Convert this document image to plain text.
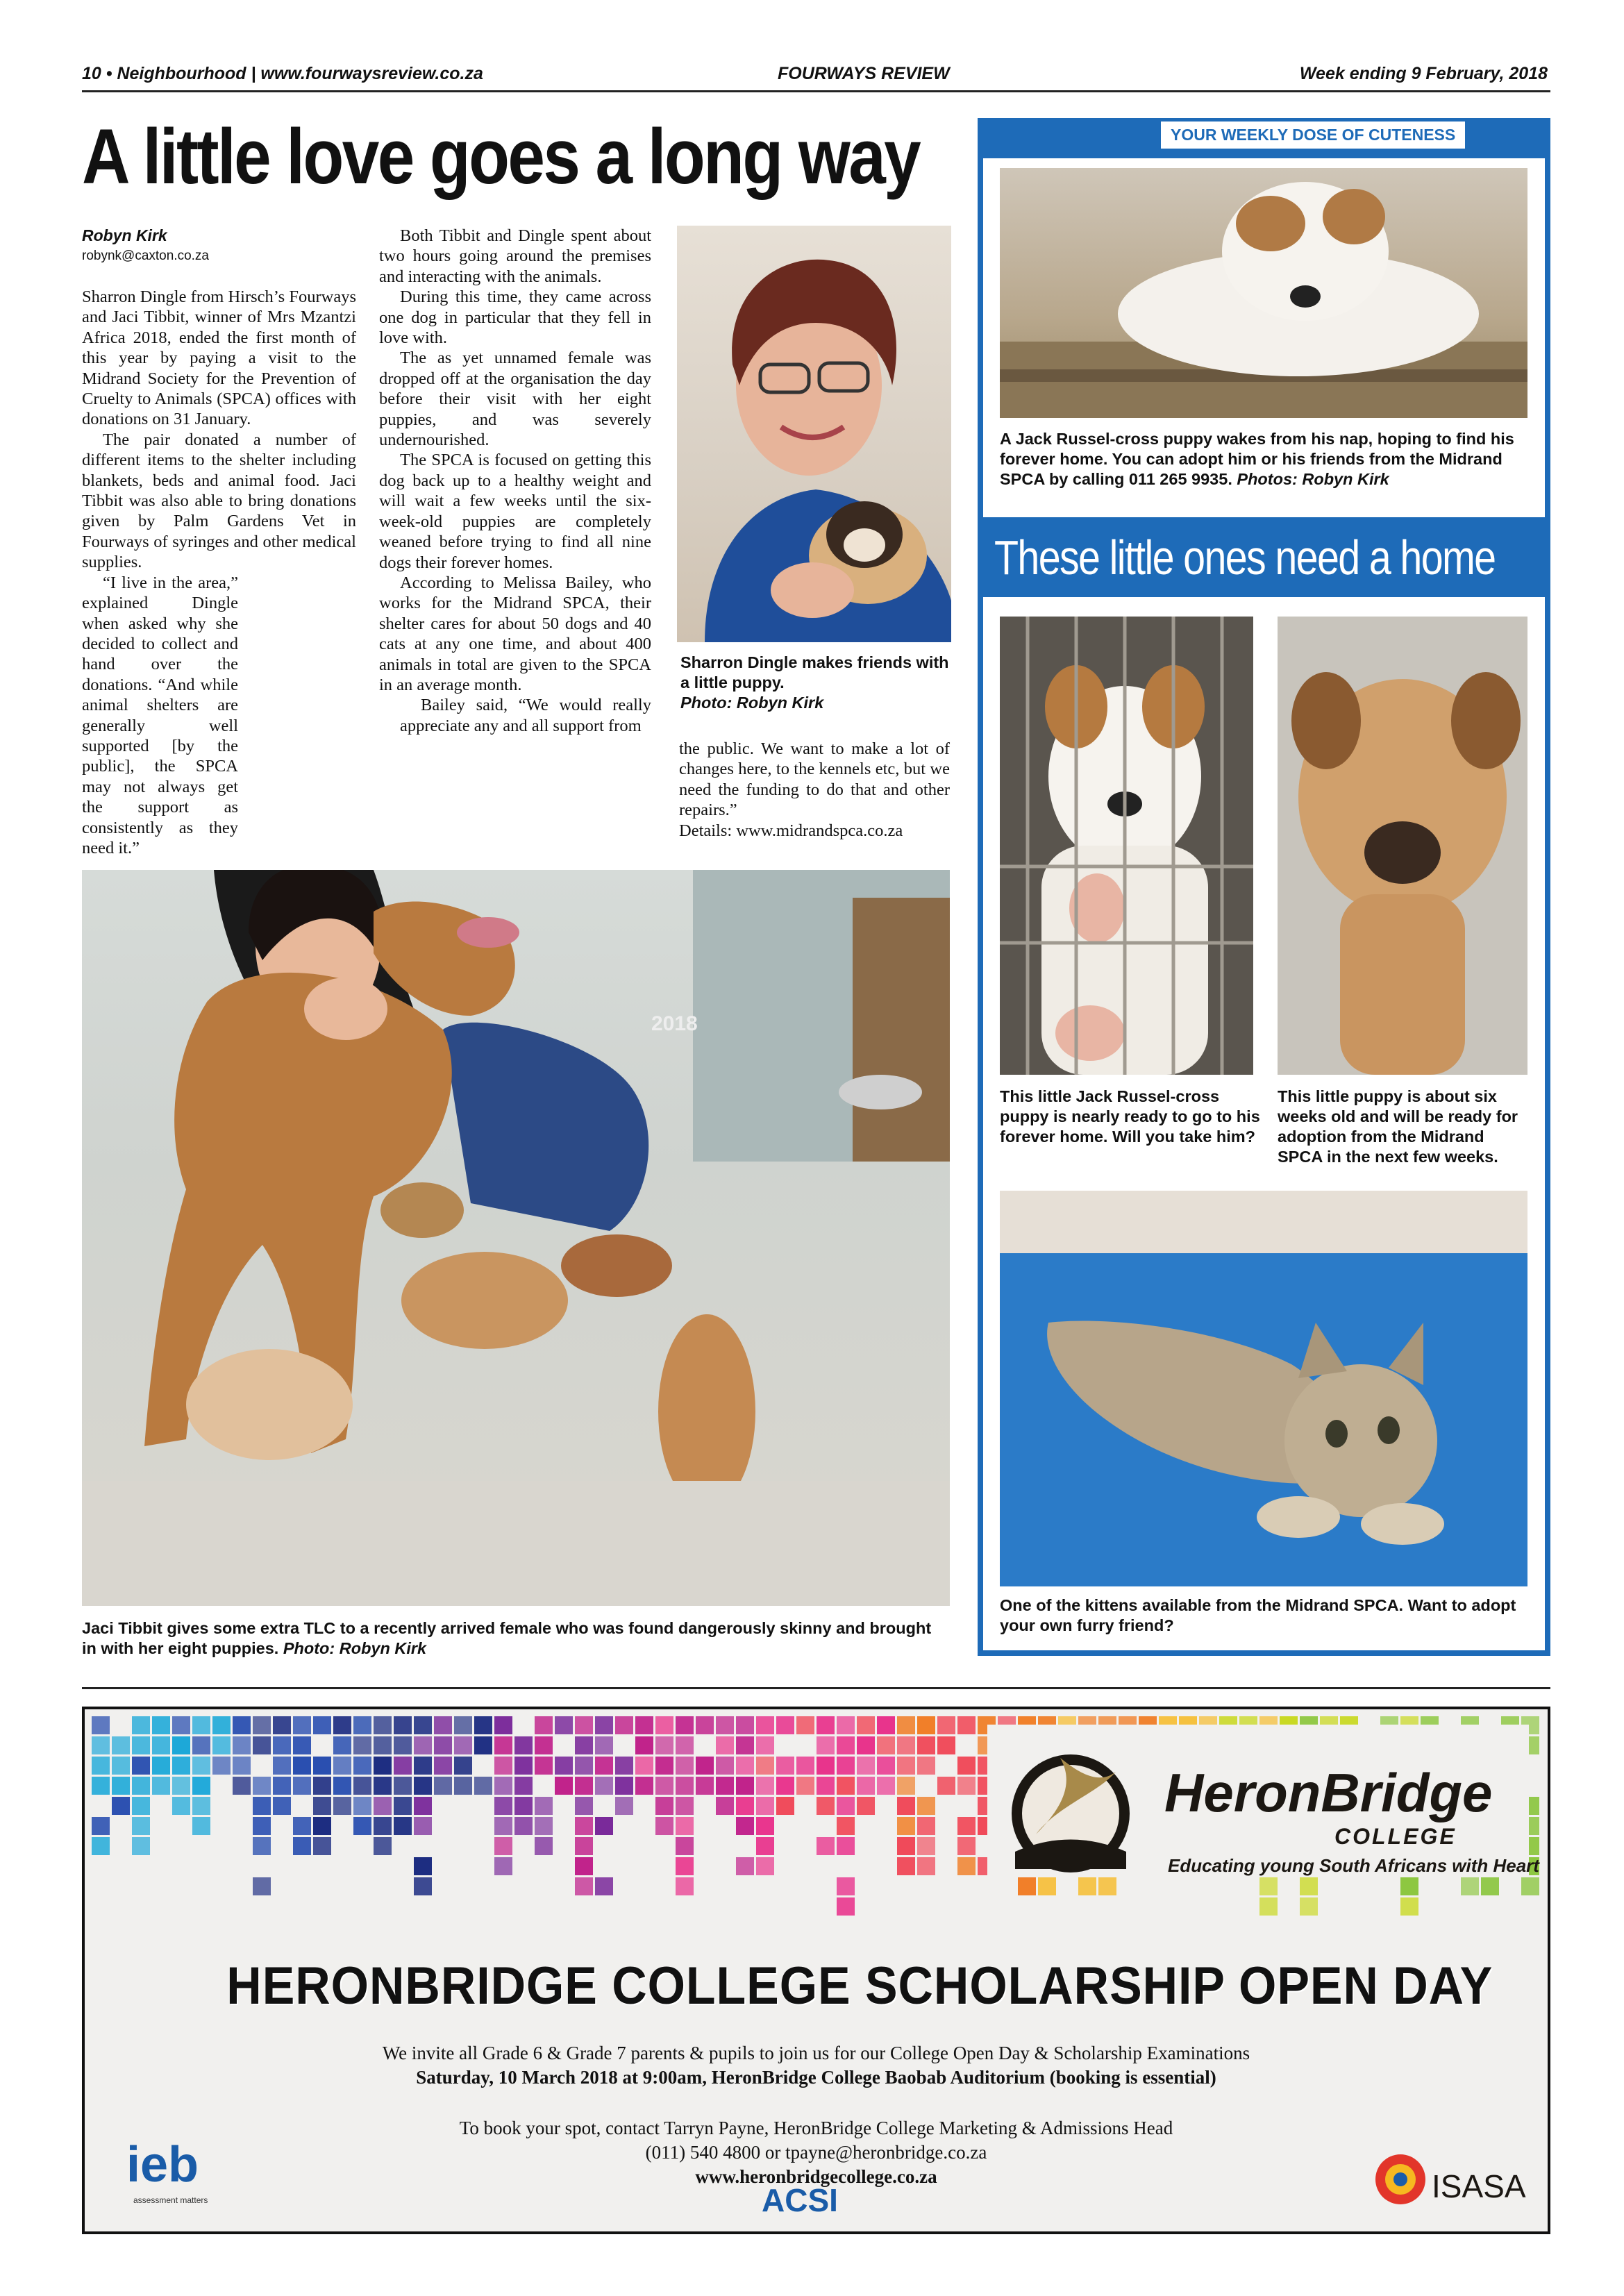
10 • Neighbourhood | www.fourwaysreview.co.za	FOURWAYS REVIEW	Week ending 9 February, 2018
A little love goes a long way
Robyn Kirk
robynk@caxton.co.za

Sharron Dingle from Hirsch’s Fourways and Jaci Tibbit, winner of Mrs Mzantzi Africa 2018, ended the first month of this year by paying a visit to the Midrand Society for the Prevention of Cruelty to Animals (SPCA) offices with donations on 31 January.

The pair donated a number of different items to the shelter including blankets, beds and animal food. Jaci Tibbit was also able to bring donations given by Palm Gardens Vet in Fourways of syringes and other medical supplies.

“I live in the area,” explained Dingle when asked why she decided to collect and hand over the donations. “And while animal shelters are generally well supported [by the public], the SPCA may not always get the support as consistently as they need it.”

Both Tibbit and Dingle spent about two hours going around the premises and interacting with the animals.

During this time, they came across one dog in particular that they fell in love with.

The as yet unnamed female was dropped off at the organisation the day before their visit with her eight puppies, and was severely undernourished.

The SPCA is focused on getting this dog back up to a healthy weight and will wait a few weeks until the six-week-old puppies are completely weaned before trying to find all nine dogs their forever homes.

According to Melissa Bailey, who works for the Midrand SPCA, their shelter cares for about 50 dogs and 40 cats at any one time, and about 400 animals in total are given to the SPCA in an average month.

Bailey said, “We would really appreciate any and all support from

Sharron Dingle makes friends with a little puppy.
Photo: Robyn Kirk

the public. We want to make a lot of changes here, to the kennels etc, but we need the funding to do that and other repairs.”

Details: www.midrandspca.co.za

2018
Jaci Tibbit gives some extra TLC to a recently arrived female who was found dangerously skinny and brought in with her eight puppies. Photo: Robyn Kirk
YOUR WEEKLY DOSE OF CUTENESS
A Jack Russel-cross puppy wakes from his nap, hoping to find his forever home. You can adopt him or his friends from the Midrand SPCA by calling 011 265 9935. Photos: Robyn Kirk
These little ones need a home
This little Jack Russel-cross puppy is nearly ready to go to his forever home. Will you take him?
This little puppy is about six weeks old and will be ready for adoption from the Midrand SPCA in the next few weeks.
One of the kittens available from the Midrand SPCA. Want to adopt your own furry friend?
HeronBridge
COLLEGE
Educating young South Africans with Heart
HERONBRIDGE COLLEGE SCHOLARSHIP OPEN DAY
We invite all Grade 6 & Grade 7 parents & pupils to join us for our College Open Day & Scholarship Examinations
Saturday, 10 March 2018 at 9:00am, HeronBridge College Baobab Auditorium (booking is essential)
To book your spot, contact Tarryn Payne, HeronBridge College Marketing & Admissions Head
(011) 540 4800 or tpayne@heronbridge.co.za
www.heronbridgecollege.co.za
ieb
assessment matters	ACSI	ISASA
